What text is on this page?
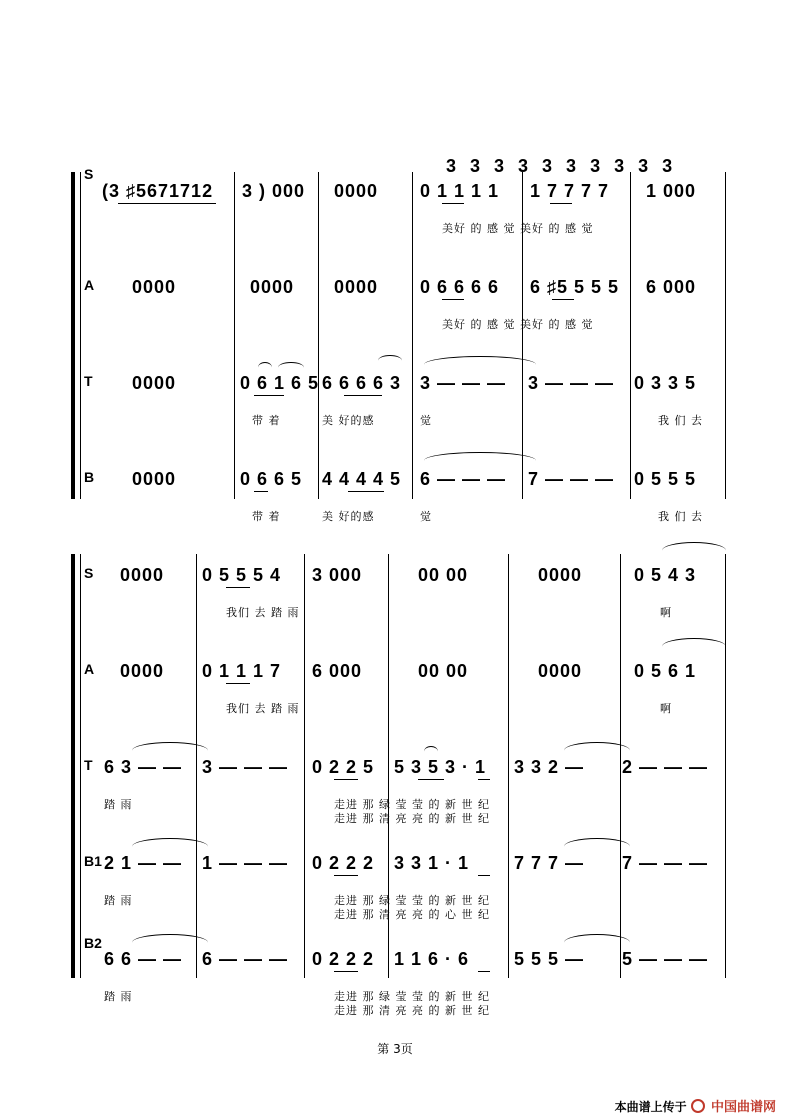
S	3 3 3 3 3 3 3 3 3 3
(3 ♯5671712 3 ) 000 0000 0 1 1 1 1 1 7 7 7 7 1 000
美好 的 感 觉 美好 的 感 觉
A 0000	0000 0000 0 6 6 6 6 6 ♯5 5 5 5 6 000
美好 的 感 觉 美好 的 感 觉
T 0000	0 6 1 6 5 6 6 6 6 3 3 — — — 3 — — — 0 3 3 5
带 着	美 好的感	觉	我 们 去
B 0000	0 6 6 5 4 4 4 4 5 6 — — — 7 — — — 0 5 5 5
带 着	美 好的感	觉	我 们 去
S 0000 0 5 5 5 4 3 000	00 00	0000	0 5 4 3
我们 去 踏 雨	啊
A 0000 0 1 1 1 7 6 000	00 00	0000	0 5 6 1
我们 去 踏 雨	啊
T 6 3 — — 3 — — — 0 2 2 5 5 3 5 3 · 1 3 3 2 — 2 — — —
踏 雨	走进 那 绿 莹 莹 的 新 世 纪
走进 那 清 亮 亮 的 新 世 纪
B1 2 1 — — 1 — — — 0 2 2 2 3 3 1 · 1 7 7 7 — 7 — — —
踏 雨	走进 那 绿 莹 莹 的 新 世 纪
走进 那 清 亮 亮 的 心 世 纪
B2
6 6 — — 6 — — — 0 2 2 2 1 1 6 · 6 5 5 5 — 5 — — —
踏 雨	走进 那 绿 莹 莹 的 新 世 纪
走进 那 清 亮 亮 的 新 世 纪
第 3页
本曲谱上传于 中国曲谱网
